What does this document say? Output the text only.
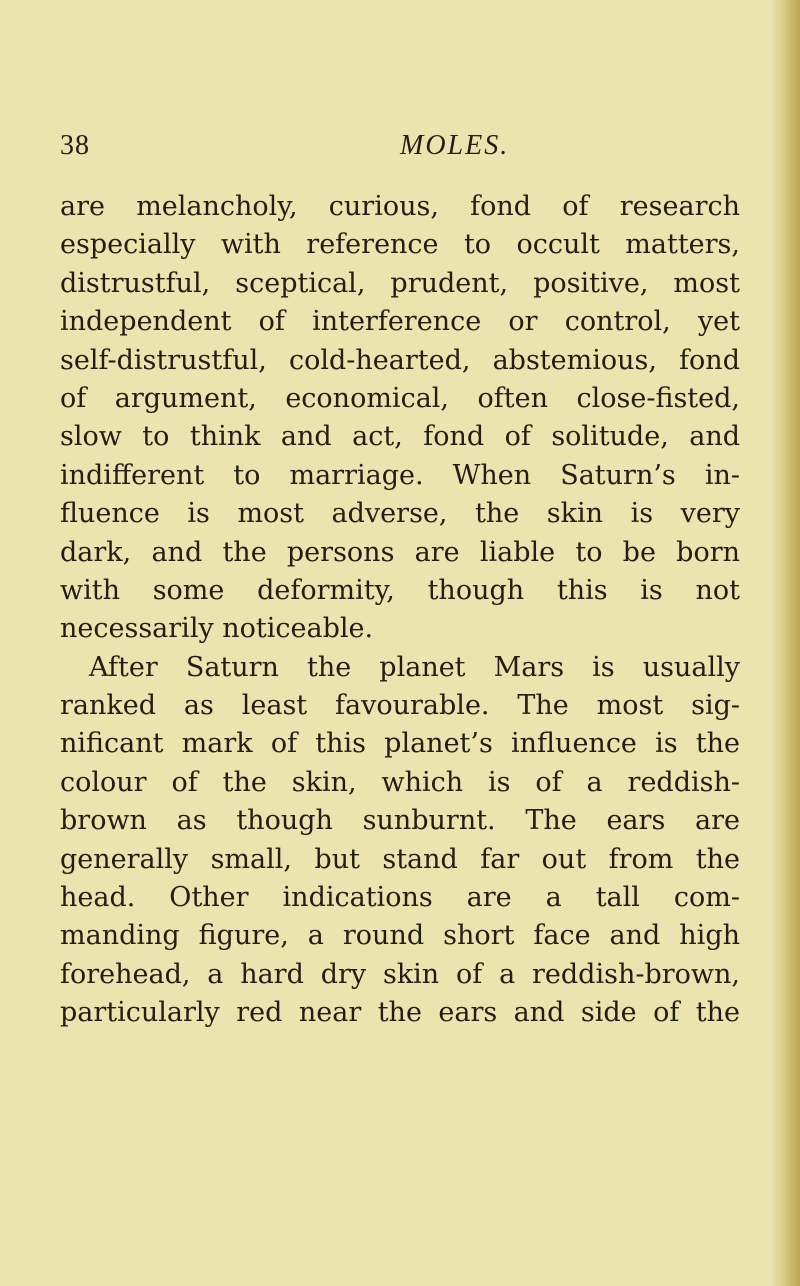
38	MOLES.
are melancholy, curious, fond of research
especially with reference to occult matters,
distrustful, sceptical, prudent, positive, most
independent of interference or control, yet
self-distrustful, cold-hearted, abstemious, fond
of argument, economical, often close-fisted,
slow to think and act, fond of solitude, and
indifferent to marriage. When Saturn’s in-
fluence is most adverse, the skin is very
dark, and the persons are liable to be born
with some deformity, though this is not
necessarily noticeable.
After Saturn the planet Mars is usually
ranked as least favourable. The most sig-
nificant mark of this planet’s influence is the
colour of the skin, which is of a reddish-
brown as though sunburnt. The ears are
generally small, but stand far out from the
head. Other indications are a tall com-
manding figure, a round short face and high
forehead, a hard dry skin of a reddish-brown,
particularly red near the ears and side of the
